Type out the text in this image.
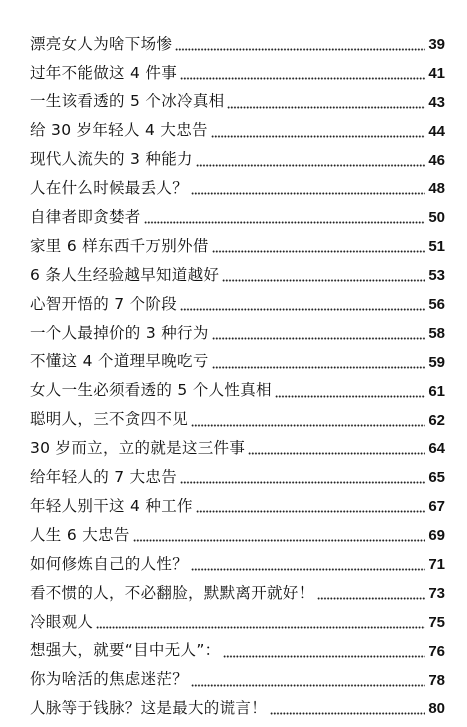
漂亮女人为啥下场惨	39
过年不能做这 4 件事	41
一生该看透的 5 个冰冷真相	43
给 30 岁年轻人 4 大忠告	44
现代人流失的 3 种能力	46
人在什么时候最丢人？	48
自律者即贪婪者	50
家里 6 样东西千万别外借	51
6 条人生经验越早知道越好	53
心智开悟的 7 个阶段	56
一个人最掉价的 3 种行为	58
不懂这 4 个道理早晚吃亏	59
女人一生必须看透的 5 个人性真相	61
聪明人，三不贪四不见	62
30 岁而立，立的就是这三件事	64
给年轻人的 7 大忠告	65
年轻人别干这 4 种工作	67
人生 6 大忠告	69
如何修炼自己的人性？	71
看不惯的人，不必翻脸，默默离开就好！	73
冷眼观人	75
想强大，就要“目中无人”：	76
你为啥活的焦虑迷茫？	78
人脉等于钱脉？这是最大的谎言！	80
